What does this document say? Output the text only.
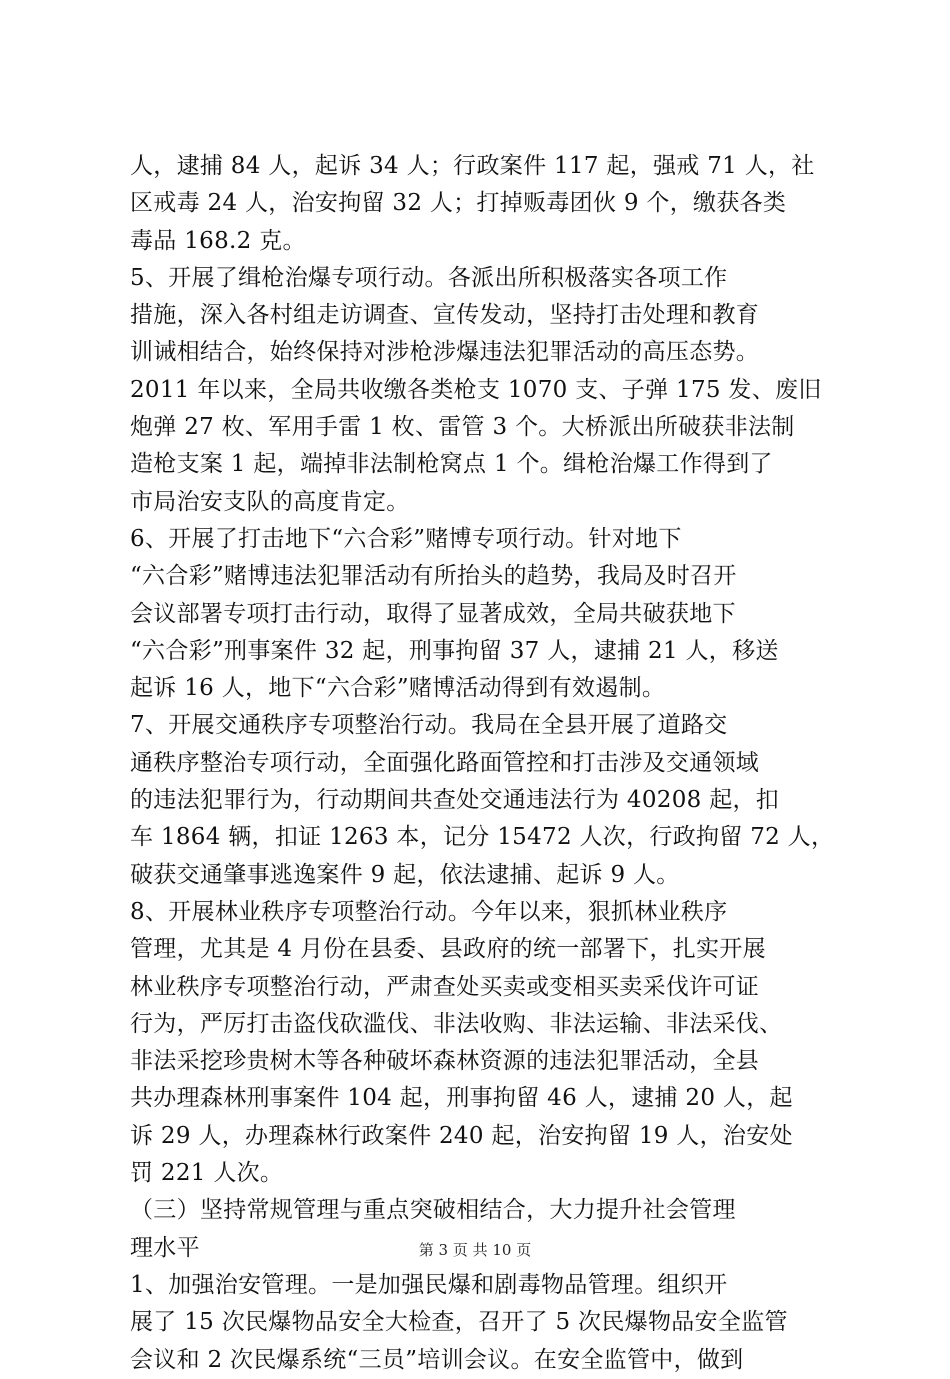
人，逮捕 84 人，起诉 34 人；行政案件 117 起，强戒 71 人，社
区戒毒 24 人，治安拘留 32 人；打掉贩毒团伙 9 个，缴获各类
毒品 168.2 克。
5、开展了缉枪治爆专项行动。各派出所积极落实各项工作
措施，深入各村组走访调查、宣传发动，坚持打击处理和教育
训诫相结合，始终保持对涉枪涉爆违法犯罪活动的高压态势。
2011 年以来，全局共收缴各类枪支 1070 支、子弹 175 发、废旧
炮弹 27 枚、军用手雷 1 枚、雷管 3 个。大桥派出所破获非法制
造枪支案 1 起，端掉非法制枪窝点 1 个。缉枪治爆工作得到了
市局治安支队的高度肯定。
6、开展了打击地下“六合彩”赌博专项行动。针对地下
“六合彩”赌博违法犯罪活动有所抬头的趋势，我局及时召开
会议部署专项打击行动，取得了显著成效，全局共破获地下
“六合彩”刑事案件 32 起，刑事拘留 37 人，逮捕 21 人，移送
起诉 16 人，地下“六合彩”赌博活动得到有效遏制。
7、开展交通秩序专项整治行动。我局在全县开展了道路交
通秩序整治专项行动，全面强化路面管控和打击涉及交通领域
的违法犯罪行为，行动期间共查处交通违法行为 40208 起，扣
车 1864 辆，扣证 1263 本，记分 15472 人次，行政拘留 72 人，
破获交通肇事逃逸案件 9 起，依法逮捕、起诉 9 人。
8、开展林业秩序专项整治行动。今年以来，狠抓林业秩序
管理，尤其是 4 月份在县委、县政府的统一部署下，扎实开展
林业秩序专项整治行动，严肃查处买卖或变相买卖采伐许可证
行为，严厉打击盗伐砍滥伐、非法收购、非法运输、非法采伐、
非法采挖珍贵树木等各种破坏森林资源的违法犯罪活动，全县
共办理森林刑事案件 104 起，刑事拘留 46 人，逮捕 20 人，起
诉 29 人，办理森林行政案件 240 起，治安拘留 19 人，治安处
罚 221 人次。
（三）坚持常规管理与重点突破相结合，大力提升社会管理
理水平
1、加强治安管理。一是加强民爆和剧毒物品管理。组织开
展了 15 次民爆物品安全大检查，召开了 5 次民爆物品安全监管
会议和 2 次民爆系统“三员”培训会议。在安全监管中，做到
第 3 页 共 10 页
